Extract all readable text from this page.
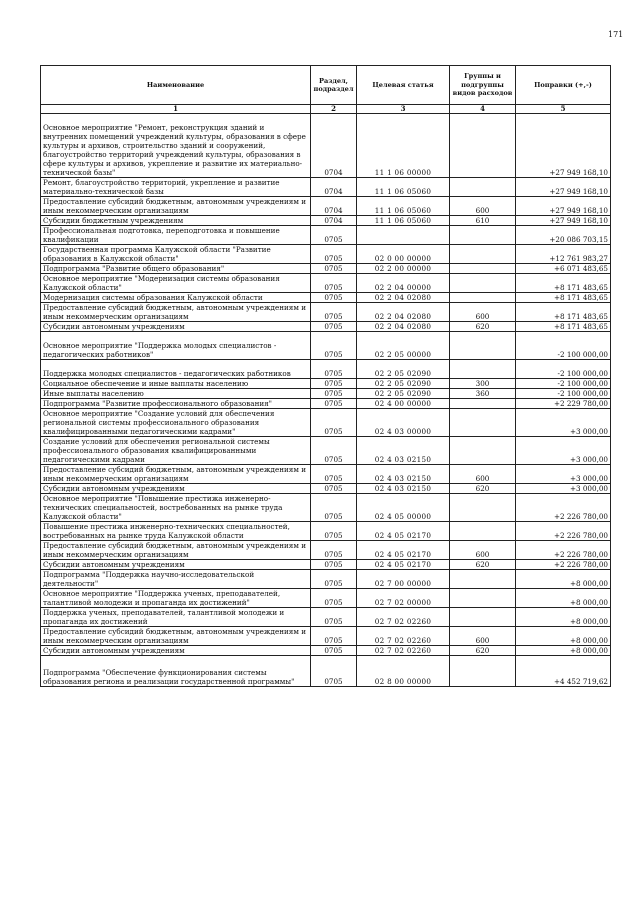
171
Наименование	Раздел, подраздел	Целевая статья	Группы и подгруппы видов расходов	Поправки (+,-)
1	2	3	4	5
Основное мероприятие "Ремонт, реконструкция зданий и внутренних помещений учреждений культуры, образования в сфере культуры и архивов, строительство зданий и сооружений, благоустройство территорий учреждений культуры, образования в сфере культуры и архивов, укрепление и развитие их материально-технической базы"	0704	11 1 06 00000		+27 949 168,10
Ремонт, благоустройство территорий, укрепление и развитие материально-технической базы	0704	11 1 06 05060		+27 949 168,10
Предоставление субсидий бюджетным, автономным учреждениям и иным некоммерческим организациям	0704	11 1 06 05060	600	+27 949 168,10
Субсидии бюджетным учреждениям	0704	11 1 06 05060	610	+27 949 168,10
Профессиональная подготовка, переподготовка и повышение квалификации	0705			+20 086 703,15
Государственная программа Калужской области "Развитие образования в Калужской области"	0705	02 0 00 00000		+12 761 983,27
Подпрограмма "Развитие общего образования"	0705	02 2 00 00000		+6 071 483,65
Основное мероприятие "Модернизация системы образования Калужской области"	0705	02 2 04 00000		+8 171 483,65
Модернизация системы образования Калужской области	0705	02 2 04 02080		+8 171 483,65
Предоставление субсидий бюджетным, автономным учреждениям и иным некоммерческим организациям	0705	02 2 04 02080	600	+8 171 483,65
Субсидии автономным учреждениям	0705	02 2 04 02080	620	+8 171 483,65
Основное мероприятие "Поддержка молодых специалистов - педагогических работников"	0705	02 2 05 00000		-2 100 000,00
Поддержка молодых специалистов - педагогических работников	0705	02 2 05 02090		-2 100 000,00
Социальное обеспечение и иные выплаты населению	0705	02 2 05 02090	300	-2 100 000,00
Иные выплаты населению	0705	02 2 05 02090	360	-2 100 000,00
Подпрограмма "Развитие профессионального образования"	0705	02 4 00 00000		+2 229 780,00
Основное мероприятие "Создание условий для обеспечения региональной системы профессионального образования квалифицированными педагогическими кадрами"	0705	02 4 03 00000		+3 000,00
Создание условий для обеспечения региональной системы профессионального образования квалифицированными педагогическими кадрами	0705	02 4 03 02150		+3 000,00
Предоставление субсидий бюджетным, автономным учреждениям и иным некоммерческим организациям	0705	02 4 03 02150	600	+3 000,00
Субсидии автономным учреждениям	0705	02 4 03 02150	620	+3 000,00
Основное мероприятие "Повышение престижа инженерно-технических специальностей, востребованных на рынке труда Калужской области"	0705	02 4 05 00000		+2 226 780,00
Повышение престижа инженерно-технических специальностей, востребованных на рынке труда Калужской области	0705	02 4 05 02170		+2 226 780,00
Предоставление субсидий бюджетным, автономным учреждениям и иным некоммерческим организациям	0705	02 4 05 02170	600	+2 226 780,00
Субсидии автономным учреждениям	0705	02 4 05 02170	620	+2 226 780,00
Подпрограмма "Поддержка научно-исследовательской деятельности"	0705	02 7 00 00000		+8 000,00
Основное мероприятие "Поддержка ученых, преподавателей, талантливой молодежи и пропаганда их достижений"	0705	02 7 02 00000		+8 000,00
Поддержка ученых, преподавателей, талантливой молодежи и пропаганда их достижений	0705	02 7 02 02260		+8 000,00
Предоставление субсидий бюджетным, автономным учреждениям и иным некоммерческим организациям	0705	02 7 02 02260	600	+8 000,00
Субсидии автономным учреждениям	0705	02 7 02 02260	620	+8 000,00
Подпрограмма "Обеспечение функционирования системы образования региона и реализации государственной программы"	0705	02 8 00 00000		+4 452 719,62
